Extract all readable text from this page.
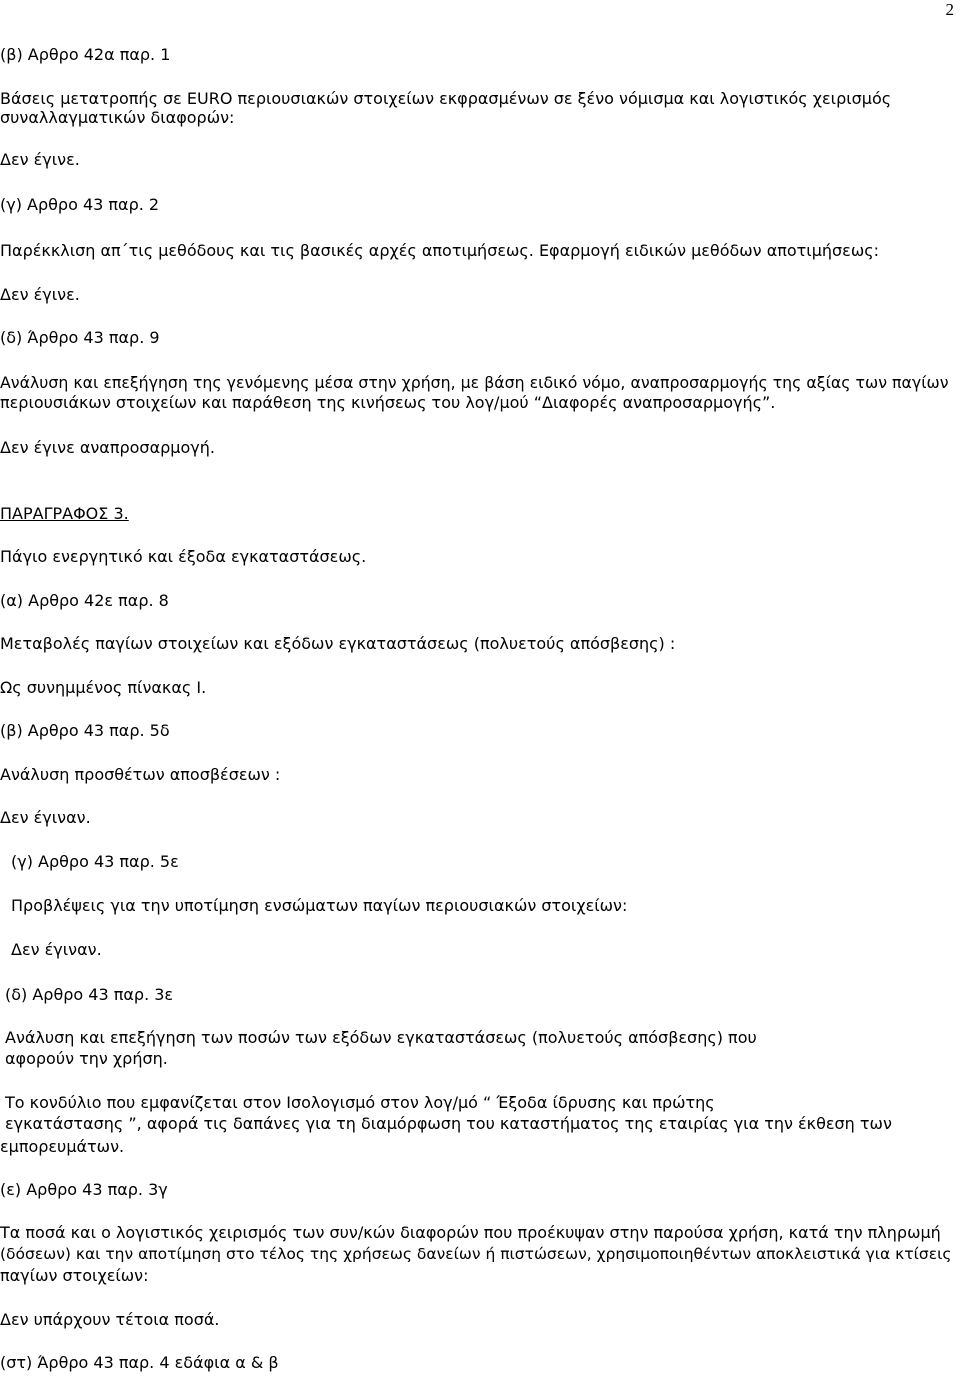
2
(β) Αρθρο 42α παρ. 1
Βάσεις μετατροπής σε EURO περιουσιακών στοιχείων εκφρασμένων σε ξένο νόμισμα και λογιστικός χειρισμός
συναλλαγματικών διαφορών:
Δεν έγινε.
(γ) Αρθρο 43 παρ. 2
Παρέκκλιση απ΄τις μεθόδους και τις βασικές αρχές αποτιμήσεως. Εφαρμογή ειδικών μεθόδων αποτιμήσεως:
Δεν έγινε.
(δ) Άρθρο 43 παρ. 9
Ανάλυση και επεξήγηση της γενόμενης μέσα στην χρήση, με βάση ειδικό νόμο, αναπροσαρμογής της αξίας των παγίων
περιουσιάκων στοιχείων και παράθεση της κινήσεως του λογ/μού “Διαφορές αναπροσαρμογής”.
Δεν έγινε αναπροσαρμογή.
ΠΑΡΑΓΡΑΦΟΣ 3.
Πάγιο ενεργητικό και έξοδα εγκαταστάσεως.
(α) Αρθρο 42ε παρ. 8
Μεταβολές παγίων στοιχείων και εξόδων εγκαταστάσεως (πολυετούς απόσβεσης) :
Ως συνημμένος πίνακας Ι.
(β) Αρθρο 43 παρ. 5δ
Ανάλυση προσθέτων αποσβέσεων :
Δεν έγιναν.
(γ) Αρθρο 43 παρ. 5ε
Προβλέψεις για την υποτίμηση ενσώματων παγίων περιουσιακών στοιχείων:
Δεν έγιναν.
(δ) Αρθρο 43 παρ. 3ε
Ανάλυση και επεξήγηση των ποσών των εξόδων εγκαταστάσεως (πολυετούς απόσβεσης) που
αφορούν την χρήση.
Το κονδύλιο που εμφανίζεται στον Ισολογισμό στον λογ/μό “ Έξοδα ίδρυσης και πρώτης
εγκατάστασης ”, αφορά τις δαπάνες για τη διαμόρφωση του καταστήματος της εταιρίας για την έκθεση των
εμπορευμάτων.
(ε) Αρθρο 43 παρ. 3γ
Τα ποσά και ο λογιστικός χειρισμός των συν/κών διαφορών που προέκυψαν στην παρούσα χρήση, κατά την πληρωμή
(δόσεων) και την αποτίμηση στο τέλος της χρήσεως δανείων ή πιστώσεων, χρησιμοποιηθέντων αποκλειστικά για κτίσεις
παγίων στοιχείων:
Δεν υπάρχουν τέτοια ποσά.
(στ) Άρθρο 43 παρ. 4 εδάφια α & β
